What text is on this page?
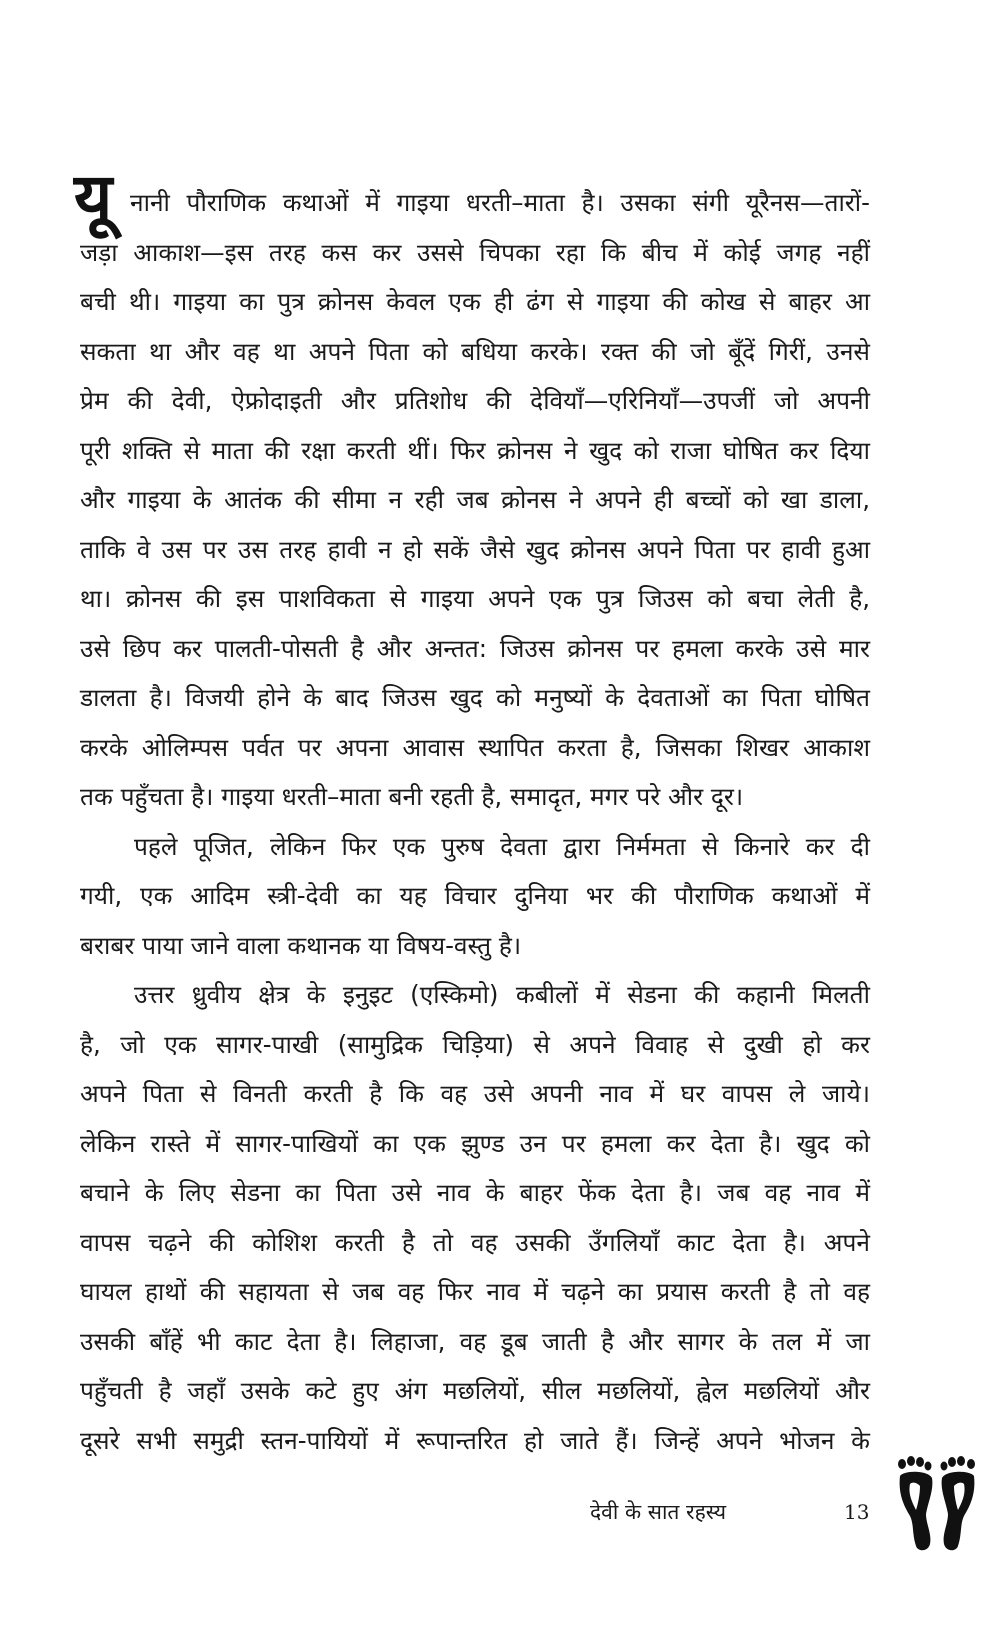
यू नानी पौराणिक कथाओं में गाइया धरती–माता है। उसका संगी यूरैनस—तारों-
जड़ा आकाश—इस तरह कस कर उससे चिपका रहा कि बीच में कोई जगह नहीं
बची थी। गाइया का पुत्र क्रोनस केवल एक ही ढंग से गाइया की कोख से बाहर आ
सकता था और वह था अपने पिता को बधिया करके। रक्त की जो बूँदें गिरीं, उनसे
प्रेम की देवी, ऐफ्रोदाइती और प्रतिशोध की देवियाँ—एरिनियाँ—उपजीं जो अपनी
पूरी शक्ति से माता की रक्षा करती थीं। फिर क्रोनस ने खुद को राजा घोषित कर दिया
और गाइया के आतंक की सीमा न रही जब क्रोनस ने अपने ही बच्चों को खा डाला,
ताकि वे उस पर उस तरह हावी न हो सकें जैसे खुद क्रोनस अपने पिता पर हावी हुआ
था। क्रोनस की इस पाशविकता से गाइया अपने एक पुत्र जिउस को बचा लेती है,
उसे छिप कर पालती-पोसती है और अन्तत: जिउस क्रोनस पर हमला करके उसे मार
डालता है। विजयी होने के बाद जिउस खुद को मनुष्यों के देवताओं का पिता घोषित
करके ओलिम्पस पर्वत पर अपना आवास स्थापित करता है, जिसका शिखर आकाश
तक पहुँचता है। गाइया धरती–माता बनी रहती है, समादृत, मगर परे और दूर।
पहले पूजित, लेकिन फिर एक पुरुष देवता द्वारा निर्ममता से किनारे कर दी
गयी, एक आदिम स्त्री-देवी का यह विचार दुनिया भर की पौराणिक कथाओं में
बराबर पाया जाने वाला कथानक या विषय-वस्तु है।
उत्तर ध्रुवीय क्षेत्र के इनुइट (एस्किमो) कबीलों में सेडना की कहानी मिलती
है, जो एक सागर-पाखी (सामुद्रिक चिड़िया) से अपने विवाह से दुखी हो कर
अपने पिता से विनती करती है कि वह उसे अपनी नाव में घर वापस ले जाये।
लेकिन रास्ते में सागर-पाखियों का एक झुण्ड उन पर हमला कर देता है। खुद को
बचाने के लिए सेडना का पिता उसे नाव के बाहर फेंक देता है। जब वह नाव में
वापस चढ़ने की कोशिश करती है तो वह उसकी उँगलियाँ काट देता है। अपने
घायल हाथों की सहायता से जब वह फिर नाव में चढ़ने का प्रयास करती है तो वह
उसकी बाँहें भी काट देता है। लिहाजा, वह डूब जाती है और सागर के तल में जा
पहुँचती है जहाँ उसके कटे हुए अंग मछलियों, सील मछलियों, ह्वेल मछलियों और
दूसरे सभी समुद्री स्तन-पायियों में रूपान्तरित हो जाते हैं। जिन्हें अपने भोजन के
देवी के सात रहस्य	13
